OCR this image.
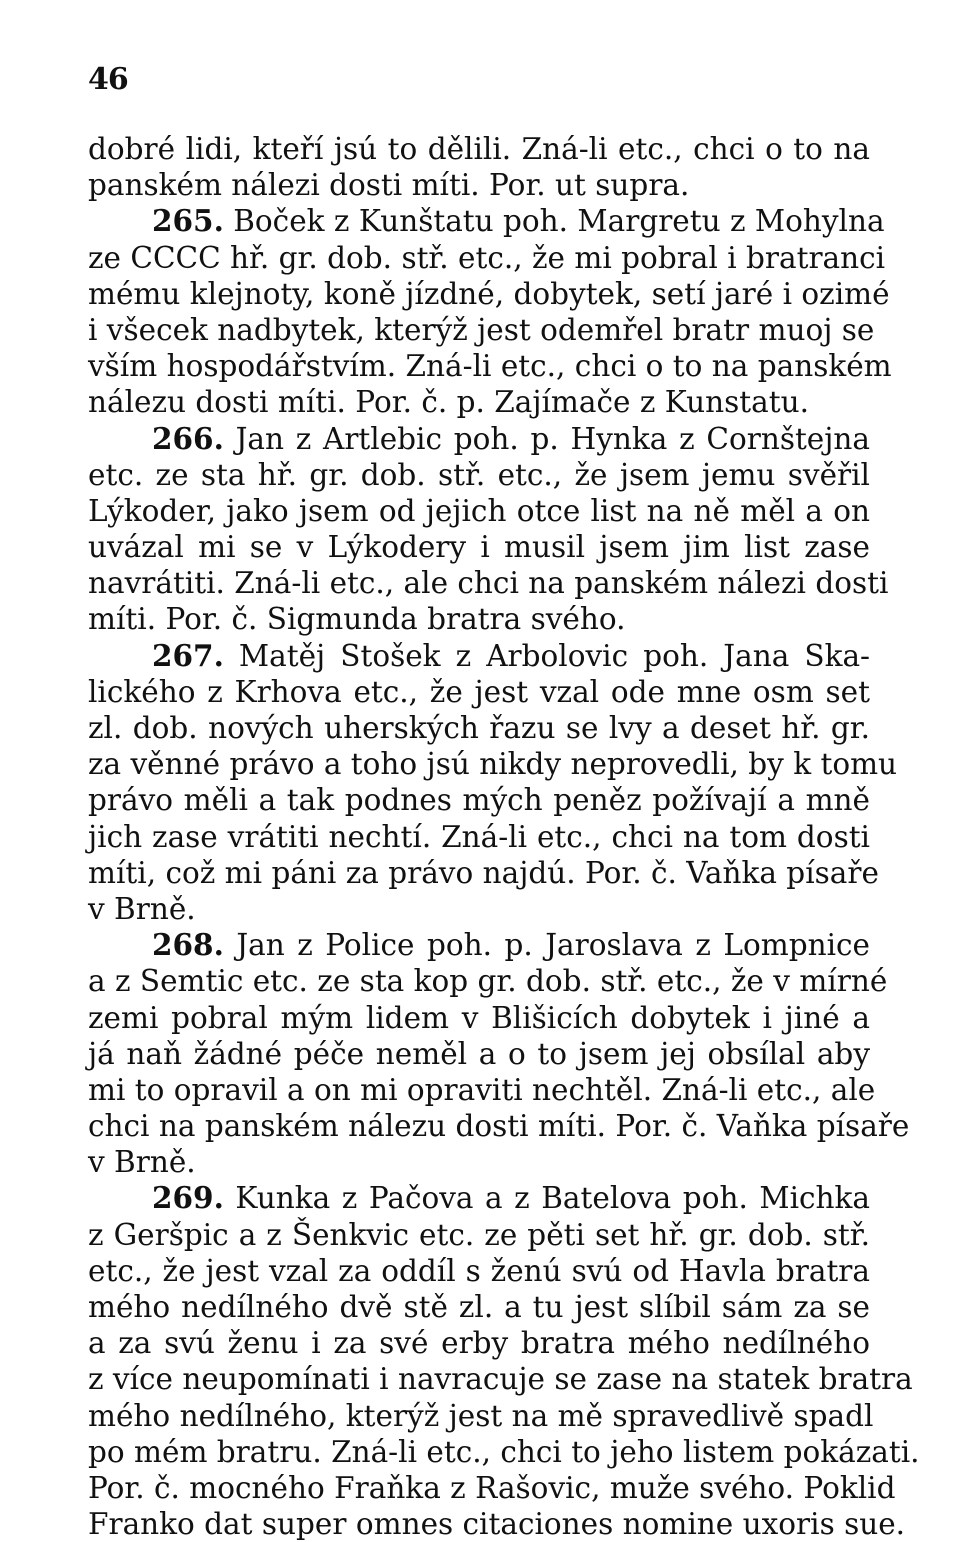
46
dobré lidi, kteří jsú to dělili. Zná-li etc., chci o to na
panském nálezi dosti míti. Por. ut supra.
265. Boček z Kunštatu poh. Margretu z Mohylna
ze CCCC hř. gr. dob. stř. etc., že mi pobral i bratranci
mému klejnoty, koně jízdné, dobytek, setí jaré i ozimé
i všecek nadbytek, kterýž jest odemřel bratr muoj se
vším hospodářstvím. Zná-li etc., chci o to na panském
nálezu dosti míti. Por. č. p. Zajímače z Kunstatu.
266. Jan z Artlebic poh. p. Hynka z Cornštejna
etc. ze sta hř. gr. dob. stř. etc., že jsem jemu svěřil
Lýkoder, jako jsem od jejich otce list na ně měl a on
uvázal mi se v Lýkodery i musil jsem jim list zase
navrátiti. Zná-li etc., ale chci na panském nálezi dosti
míti. Por. č. Sigmunda bratra svého.
267. Matěj Stošek z Arbolovic poh. Jana Ska-
lického z Krhova etc., že jest vzal ode mne osm set
zl. dob. nových uherských řazu se lvy a deset hř. gr.
za věnné právo a toho jsú nikdy neprovedli, by k tomu
právo měli a tak podnes mých peněz požívají a mně
jich zase vrátiti nechtí. Zná-li etc., chci na tom dosti
míti, což mi páni za právo najdú. Por. č. Vaňka písaře
v Brně.
268. Jan z Police poh. p. Jaroslava z Lompnice
a z Semtic etc. ze sta kop gr. dob. stř. etc., že v mírné
zemi pobral mým lidem v Blišicích dobytek i jiné a
já naň žádné péče neměl a o to jsem jej obsílal aby
mi to opravil a on mi opraviti nechtěl. Zná-li etc., ale
chci na panském nálezu dosti míti. Por. č. Vaňka písaře
v Brně.
269. Kunka z Pačova a z Batelova poh. Michka
z Geršpic a z Šenkvic etc. ze pěti set hř. gr. dob. stř.
etc., že jest vzal za oddíl s ženú svú od Havla bratra
mého nedílného dvě stě zl. a tu jest slíbil sám za se
a za svú ženu i za své erby bratra mého nedílného
z více neupomínati i navracuje se zase na statek bratra
mého nedílného, kterýž jest na mě spravedlivě spadl
po mém bratru. Zná-li etc., chci to jeho listem pokázati.
Por. č. mocného Fraňka z Rašovic, muže svého. Poklid
Franko dat super omnes citaciones nomine uxoris sue.
